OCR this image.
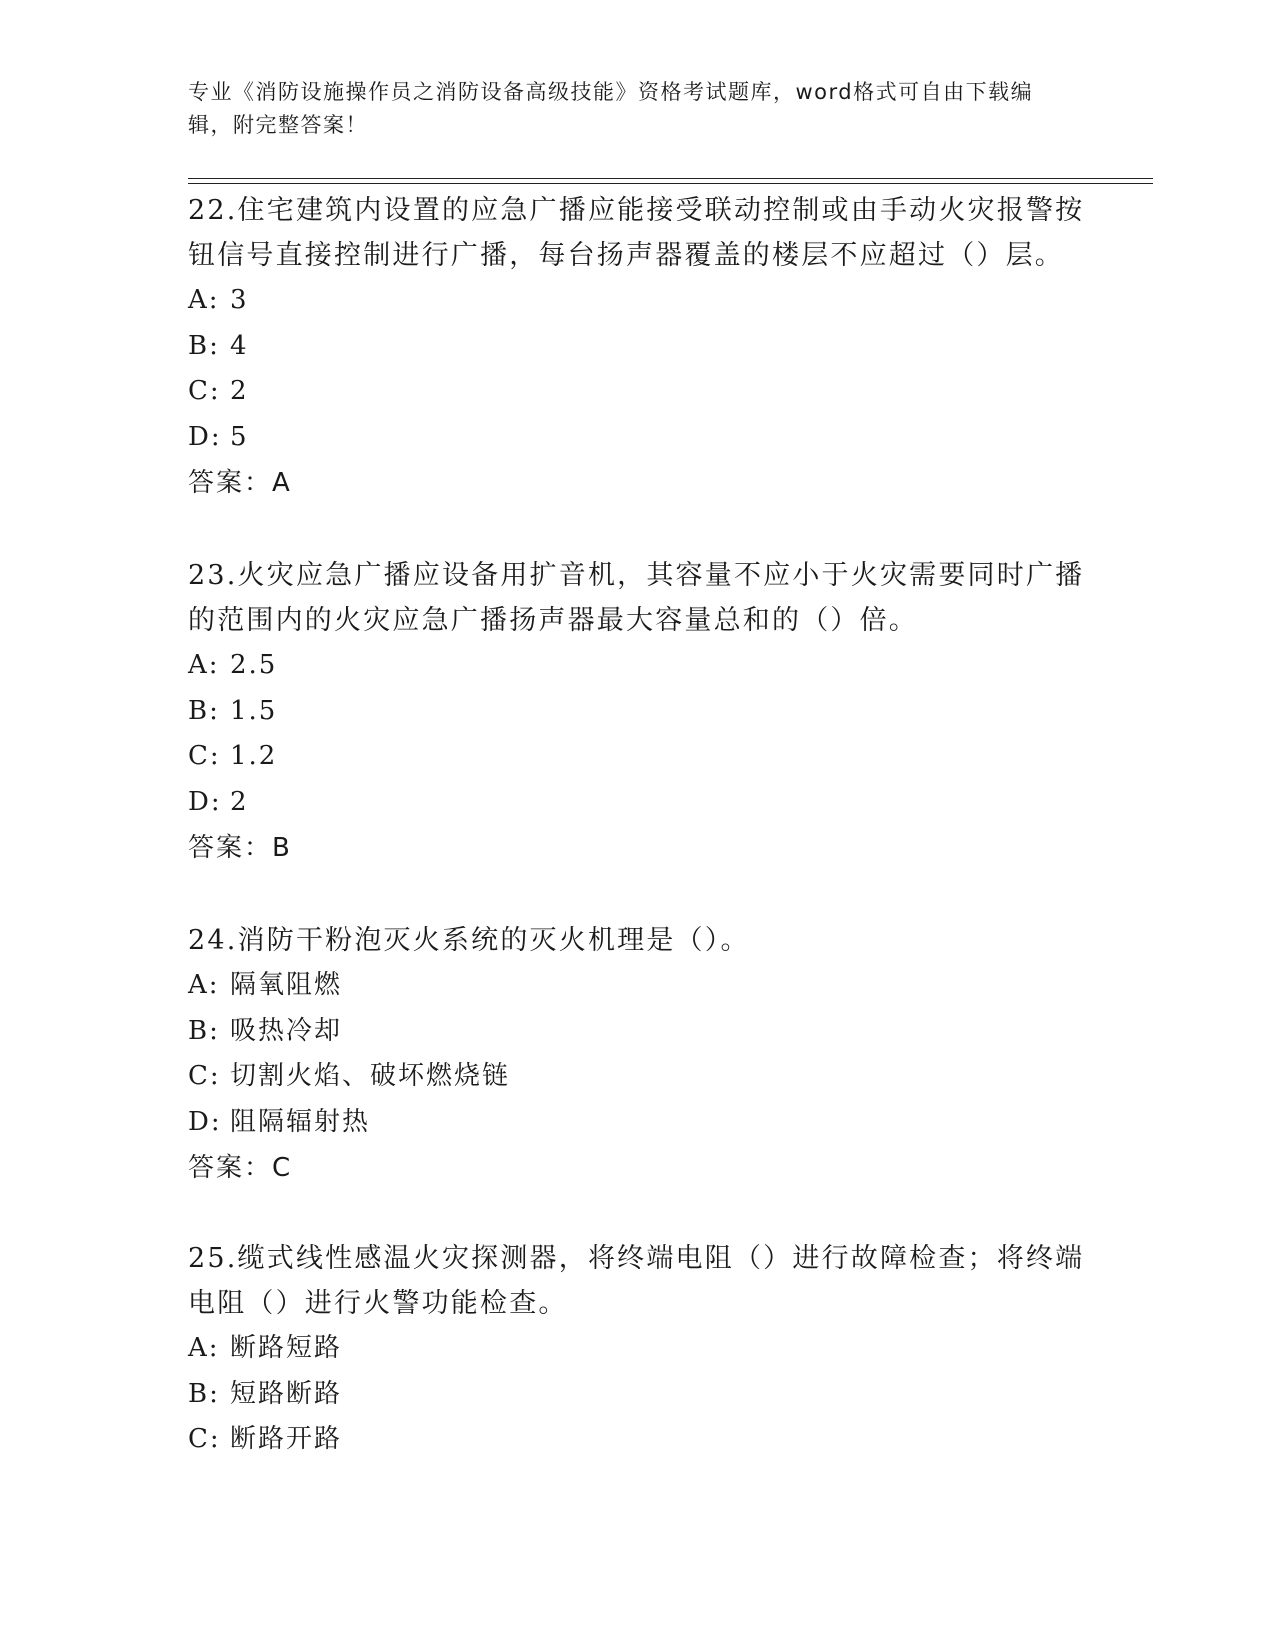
专业《消防设施操作员之消防设备高级技能》资格考试题库，word格式可自由下载编辑，附完整答案！

22.住宅建筑内设置的应急广播应能接受联动控制或由手动火灾报警按钮信号直接控制进行广播，每台扬声器覆盖的楼层不应超过（）层。

A: 3

B: 4

C: 2

D: 5

答案：A

23.火灾应急广播应设备用扩音机，其容量不应小于火灾需要同时广播的范围内的火灾应急广播扬声器最大容量总和的（）倍。

A: 2.5

B: 1.5

C: 1.2

D: 2

答案：B

24.消防干粉泡灭火系统的灭火机理是（）。

A: 隔氧阻燃

B: 吸热冷却

C: 切割火焰、破坏燃烧链

D: 阻隔辐射热

答案：C

25.缆式线性感温火灾探测器，将终端电阻（）进行故障检查；将终端电阻（）进行火警功能检查。

A: 断路短路

B: 短路断路

C: 断路开路
